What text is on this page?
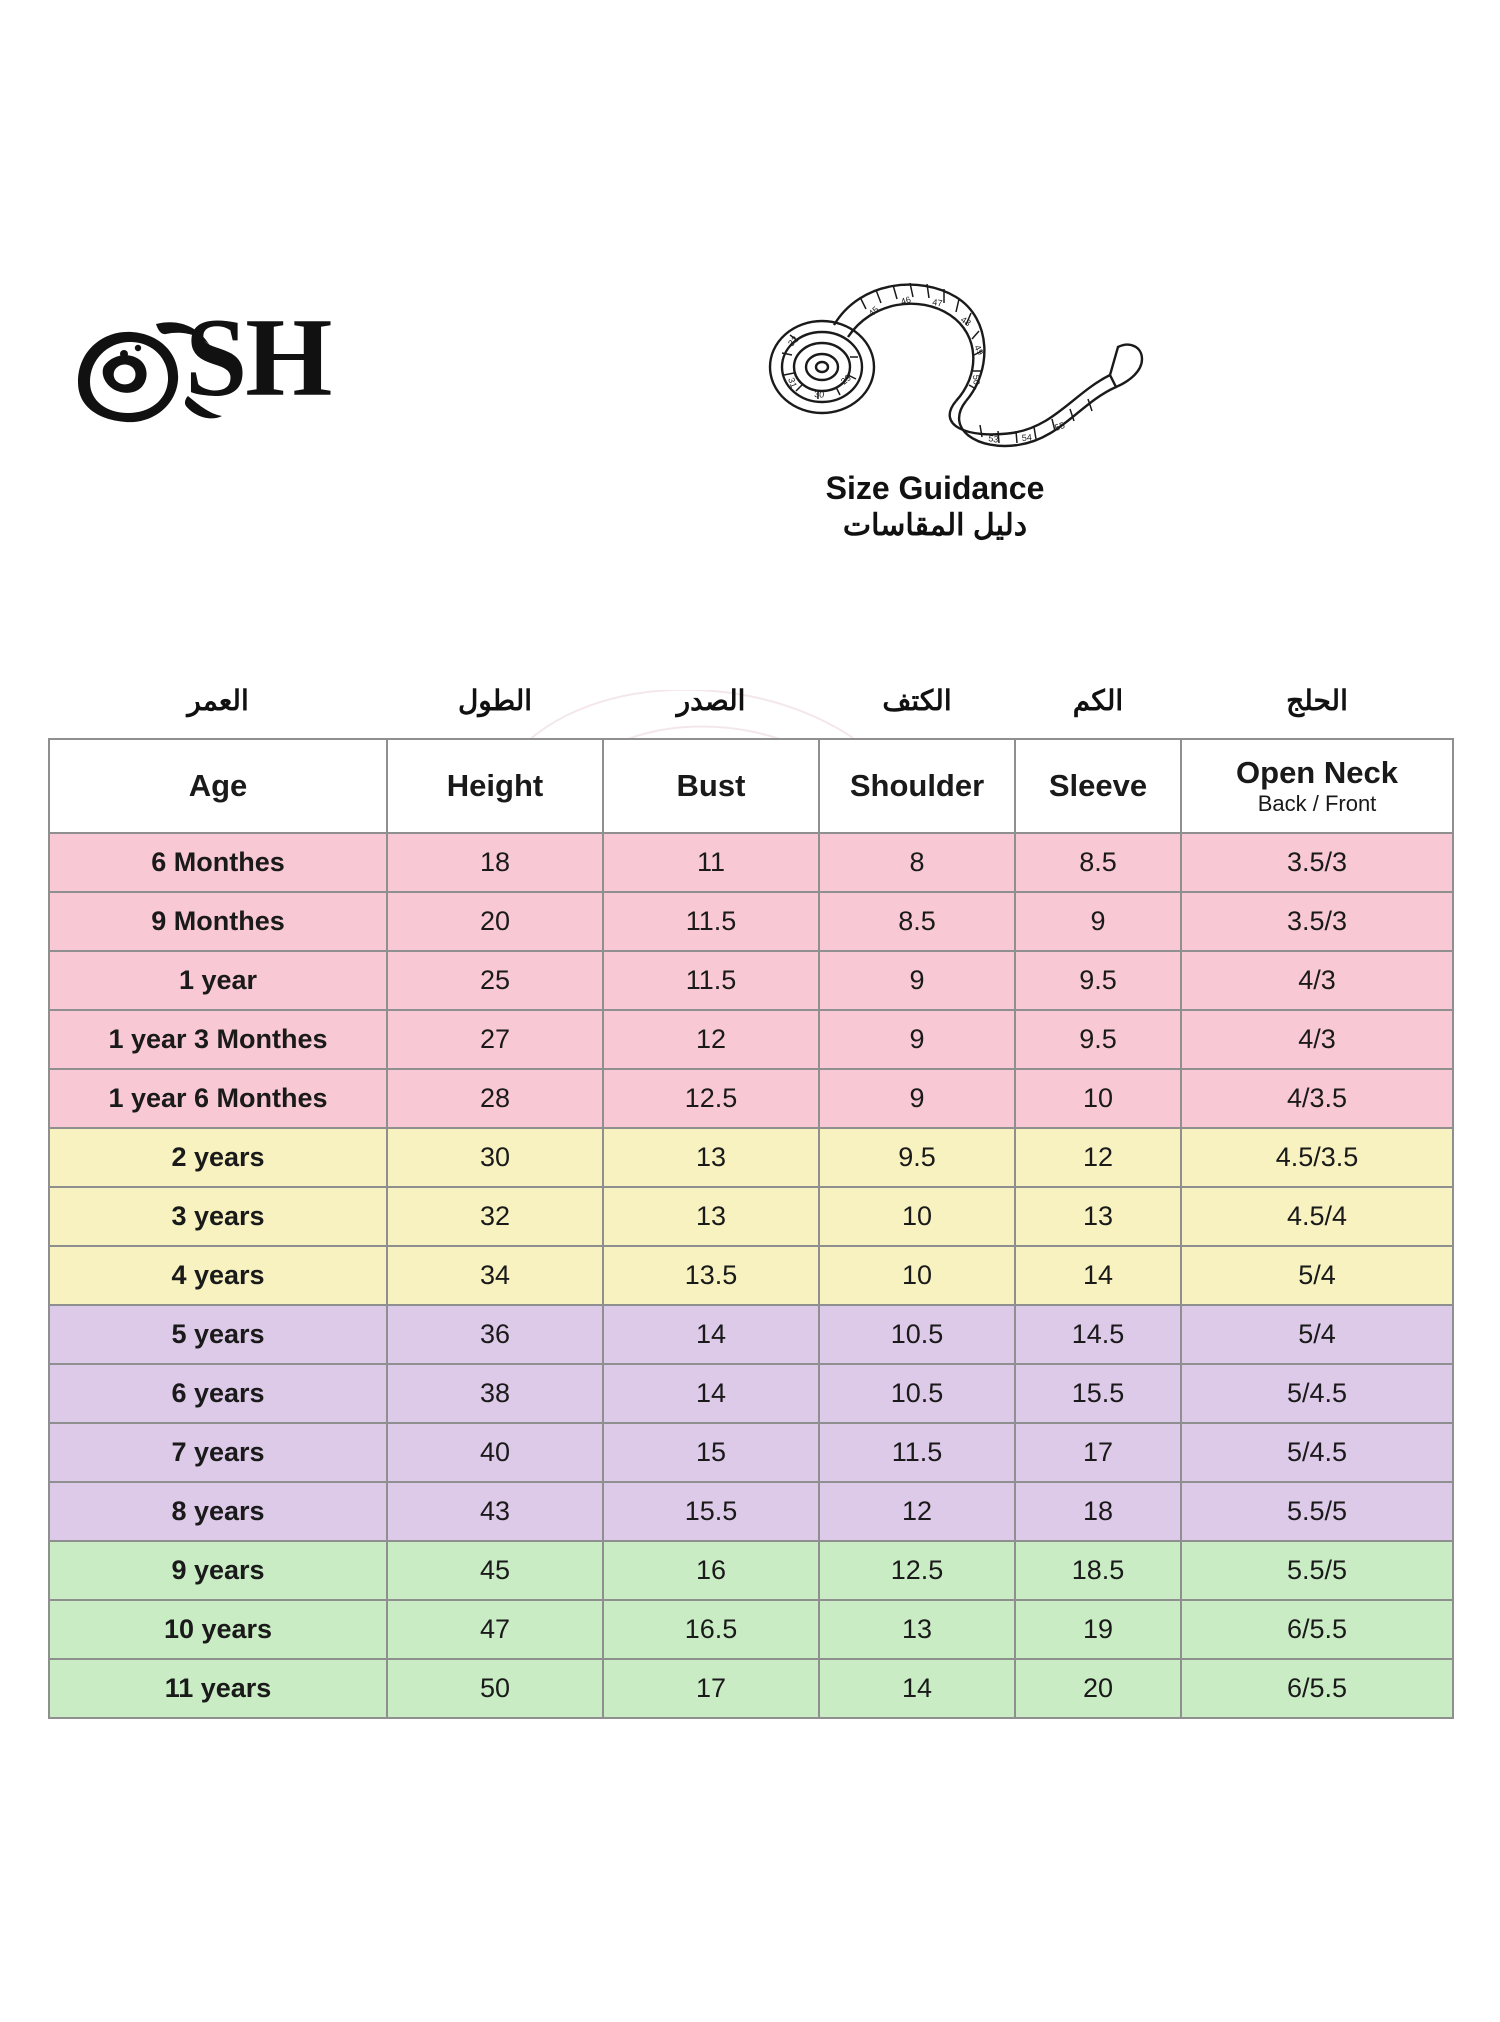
SH	45
46 47
48
49
50
53 54
55
32
31
30
29
Size Guidance
دليل المقاسات
العمر	الطول	الصدر	الكتف	الكم	الحلج
Age	Height	Bust	Shoulder	Sleeve	Open Neck
Back / Front

6 Monthes	18	11	8	8.5	3.5/3
9 Monthes	20	11.5	8.5	9	3.5/3
1 year	25	11.5	9	9.5	4/3
1 year 3 Monthes	27	12	9	9.5	4/3
1 year 6 Monthes	28	12.5	9	10	4/3.5
2 years	30	13	9.5	12	4.5/3.5
3 years	32	13	10	13	4.5/4
4 years	34	13.5	10	14	5/4
5 years	36	14	10.5	14.5	5/4
6 years	38	14	10.5	15.5	5/4.5
7 years	40	15	11.5	17	5/4.5
8 years	43	15.5	12	18	5.5/5
9 years	45	16	12.5	18.5	5.5/5
10 years	47	16.5	13	19	6/5.5
11 years	50	17	14	20	6/5.5
